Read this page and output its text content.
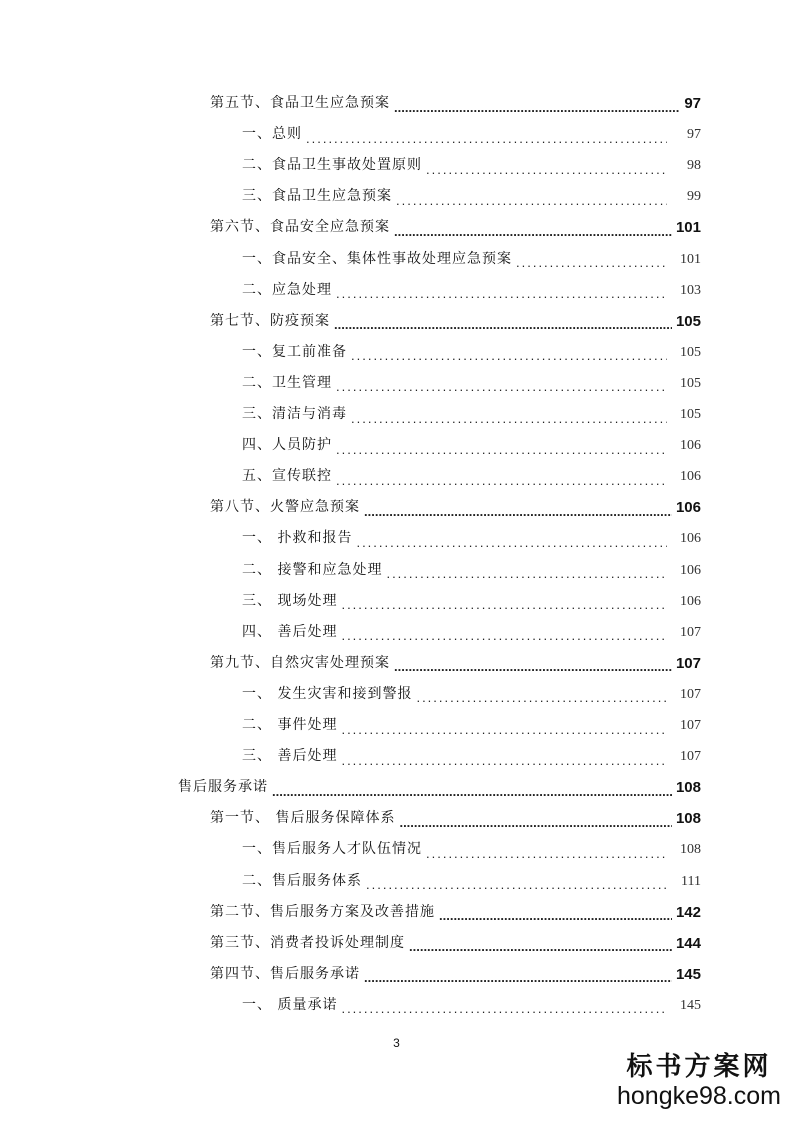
第五节、食品卫生应急预案 .....	97
一、总则 .....	97
二、食品卫生事故处置原则 .....	98
三、食品卫生应急预案 .....	99
第六节、食品安全应急预案 .....	101
一、食品安全、集体性事故处理应急预案 .....	101
二、应急处理 .....	103
第七节、防疫预案 .....	105
一、复工前准备 .....	105
二、卫生管理 .....	105
三、清洁与消毒 .....	105
四、人员防护 .....	106
五、宣传联控 .....	106
第八节、火警应急预案 .....	106
一、 扑救和报告 .....	106
二、 接警和应急处理 .....	106
三、 现场处理 .....	106
四、 善后处理 .....	107
第九节、自然灾害处理预案 .....	107
一、 发生灾害和接到警报 .....	107
二、 事件处理 .....	107
三、 善后处理 .....	107
售后服务承诺 .....	108
第一节、 售后服务保障体系 .....	108
一、售后服务人才队伍情况 .....	108
二、售后服务体系 .....	111
第二节、售后服务方案及改善措施 .....	142
第三节、消费者投诉处理制度 .....	144
第四节、售后服务承诺 .....	145
一、 质量承诺 .....	145
3
标书方案网
hongke98.com
